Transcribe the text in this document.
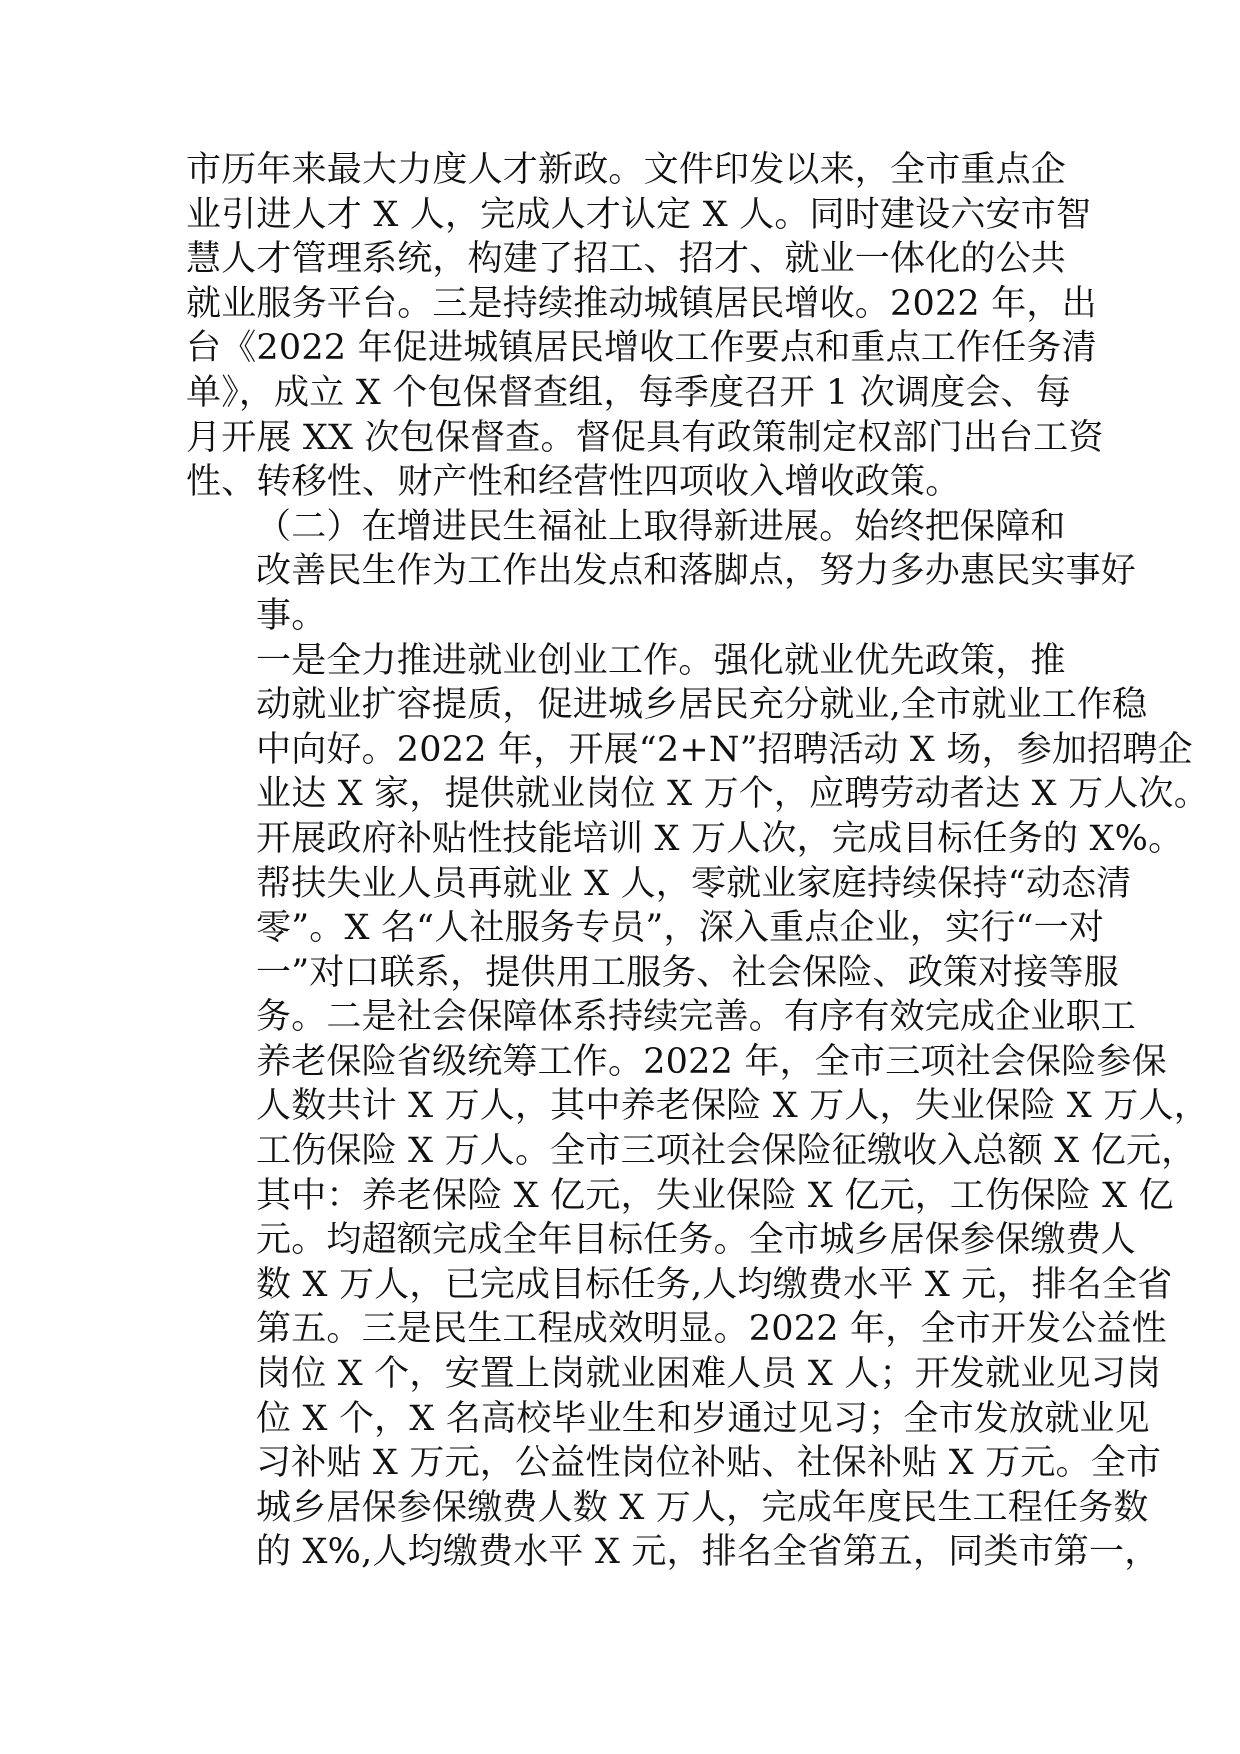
市历年来最大力度人才新政。文件印发以来，全市重点企
业引进人才 X 人，完成人才认定 X 人。同时建设六安市智
慧人才管理系统，构建了招工、招才、就业一体化的公共
就业服务平台。三是持续推动城镇居民增收。2022 年，出
台《2022 年促进城镇居民增收工作要点和重点工作任务清
单》，成立 X 个包保督查组，每季度召开 1 次调度会、每
月开展 XX 次包保督查。督促具有政策制定权部门出台工资
性、转移性、财产性和经营性四项收入增收政策。
（二）在增进民生福祉上取得新进展。始终把保障和
改善民生作为工作出发点和落脚点，努力多办惠民实事好
事。
一是全力推进就业创业工作。强化就业优先政策，推
动就业扩容提质，促进城乡居民充分就业,全市就业工作稳
中向好。2022 年，开展“2+N”招聘活动 X 场，参加招聘企
业达 X 家，提供就业岗位 X 万个，应聘劳动者达 X 万人次。
开展政府补贴性技能培训 X 万人次，完成目标任务的 X%。
帮扶失业人员再就业 X 人，零就业家庭持续保持“动态清
零”。X 名“人社服务专员”，深入重点企业，实行“一对
一”对口联系，提供用工服务、社会保险、政策对接等服
务。二是社会保障体系持续完善。有序有效完成企业职工
养老保险省级统筹工作。2022 年，全市三项社会保险参保
人数共计 X 万人，其中养老保险 X 万人，失业保险 X 万人，
工伤保险 X 万人。全市三项社会保险征缴收入总额 X 亿元，
其中：养老保险 X 亿元，失业保险 X 亿元，工伤保险 X 亿
元。均超额完成全年目标任务。全市城乡居保参保缴费人
数 X 万人，已完成目标任务,人均缴费水平 X 元，排名全省
第五。三是民生工程成效明显。2022 年，全市开发公益性
岗位 X 个，安置上岗就业困难人员 X 人；开发就业见习岗
位 X 个，X 名高校毕业生和岁通过见习；全市发放就业见
习补贴 X 万元，公益性岗位补贴、社保补贴 X 万元。全市
城乡居保参保缴费人数 X 万人，完成年度民生工程任务数
的 X%,人均缴费水平 X 元，排名全省第五，同类市第一，
